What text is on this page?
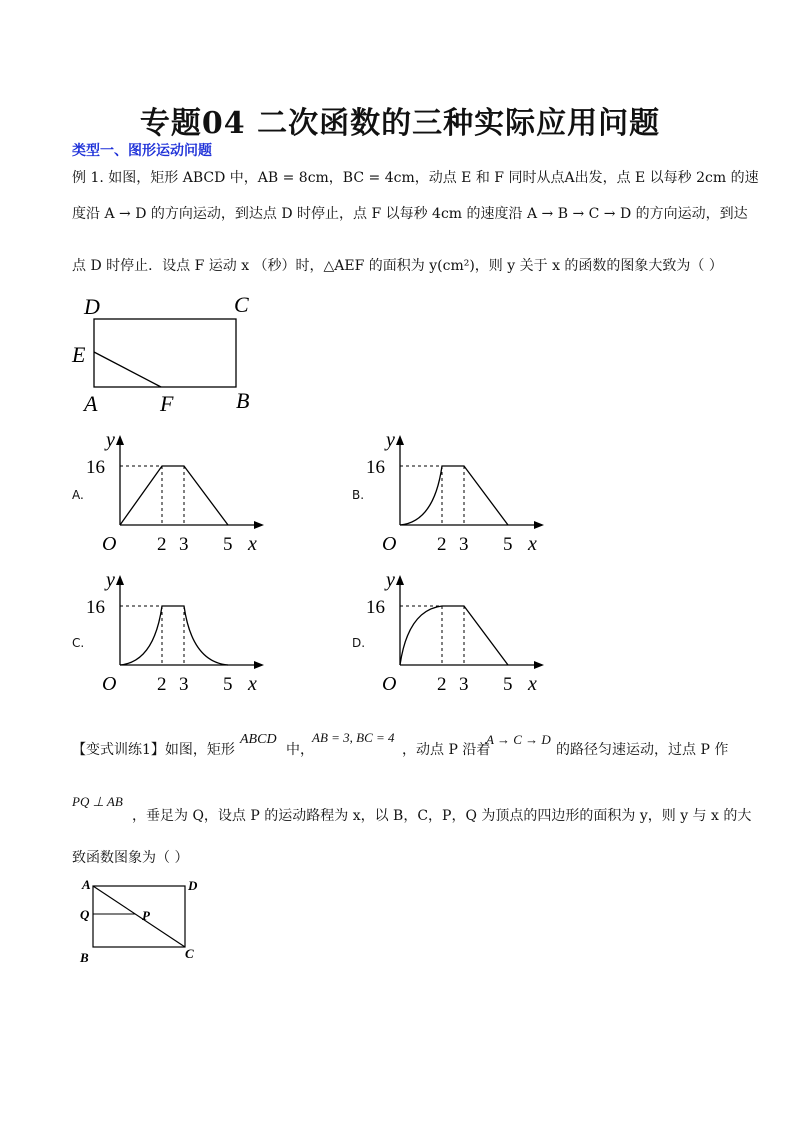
专题04 二次函数的三种实际应用问题
类型一、图形运动问题
例 1. 如图，矩形 ABCD 中，AB = 8cm，BC = 4cm，动点 E 和 F 同时从点A出发，点 E 以每秒 2cm 的速
度沿 A → D 的方向运动，到达点 D 时停止，点 F 以每秒 4cm 的速度沿 A → B → C → D 的方向运动，到达
点 D 时停止．设点 F 运动 x （秒）时，△AEF 的面积为 y(cm²)，则 y 关于 x 的函数的图象大致为（ ）
D	C
E
A	F	B
A.
y
16
O 2 3 5 x
B.
y
16
O 2 3 5 x
C.
y
16
O 2 3 5 x
D.
y
16
O 2 3 5 x
【变式训练1】如图，矩形
ABCD
中，
AB = 3, BC = 4
，动点 P 沿着
A → C → D
的路径匀速运动，过点 P 作
PQ ⊥ AB
，垂足为 Q，设点 P 的运动路程为 x，以 B，C，P，Q 为顶点的四边形的面积为 y，则 y 与 x 的大
致函数图象为（ ）
A	D
Q	P
B	C
